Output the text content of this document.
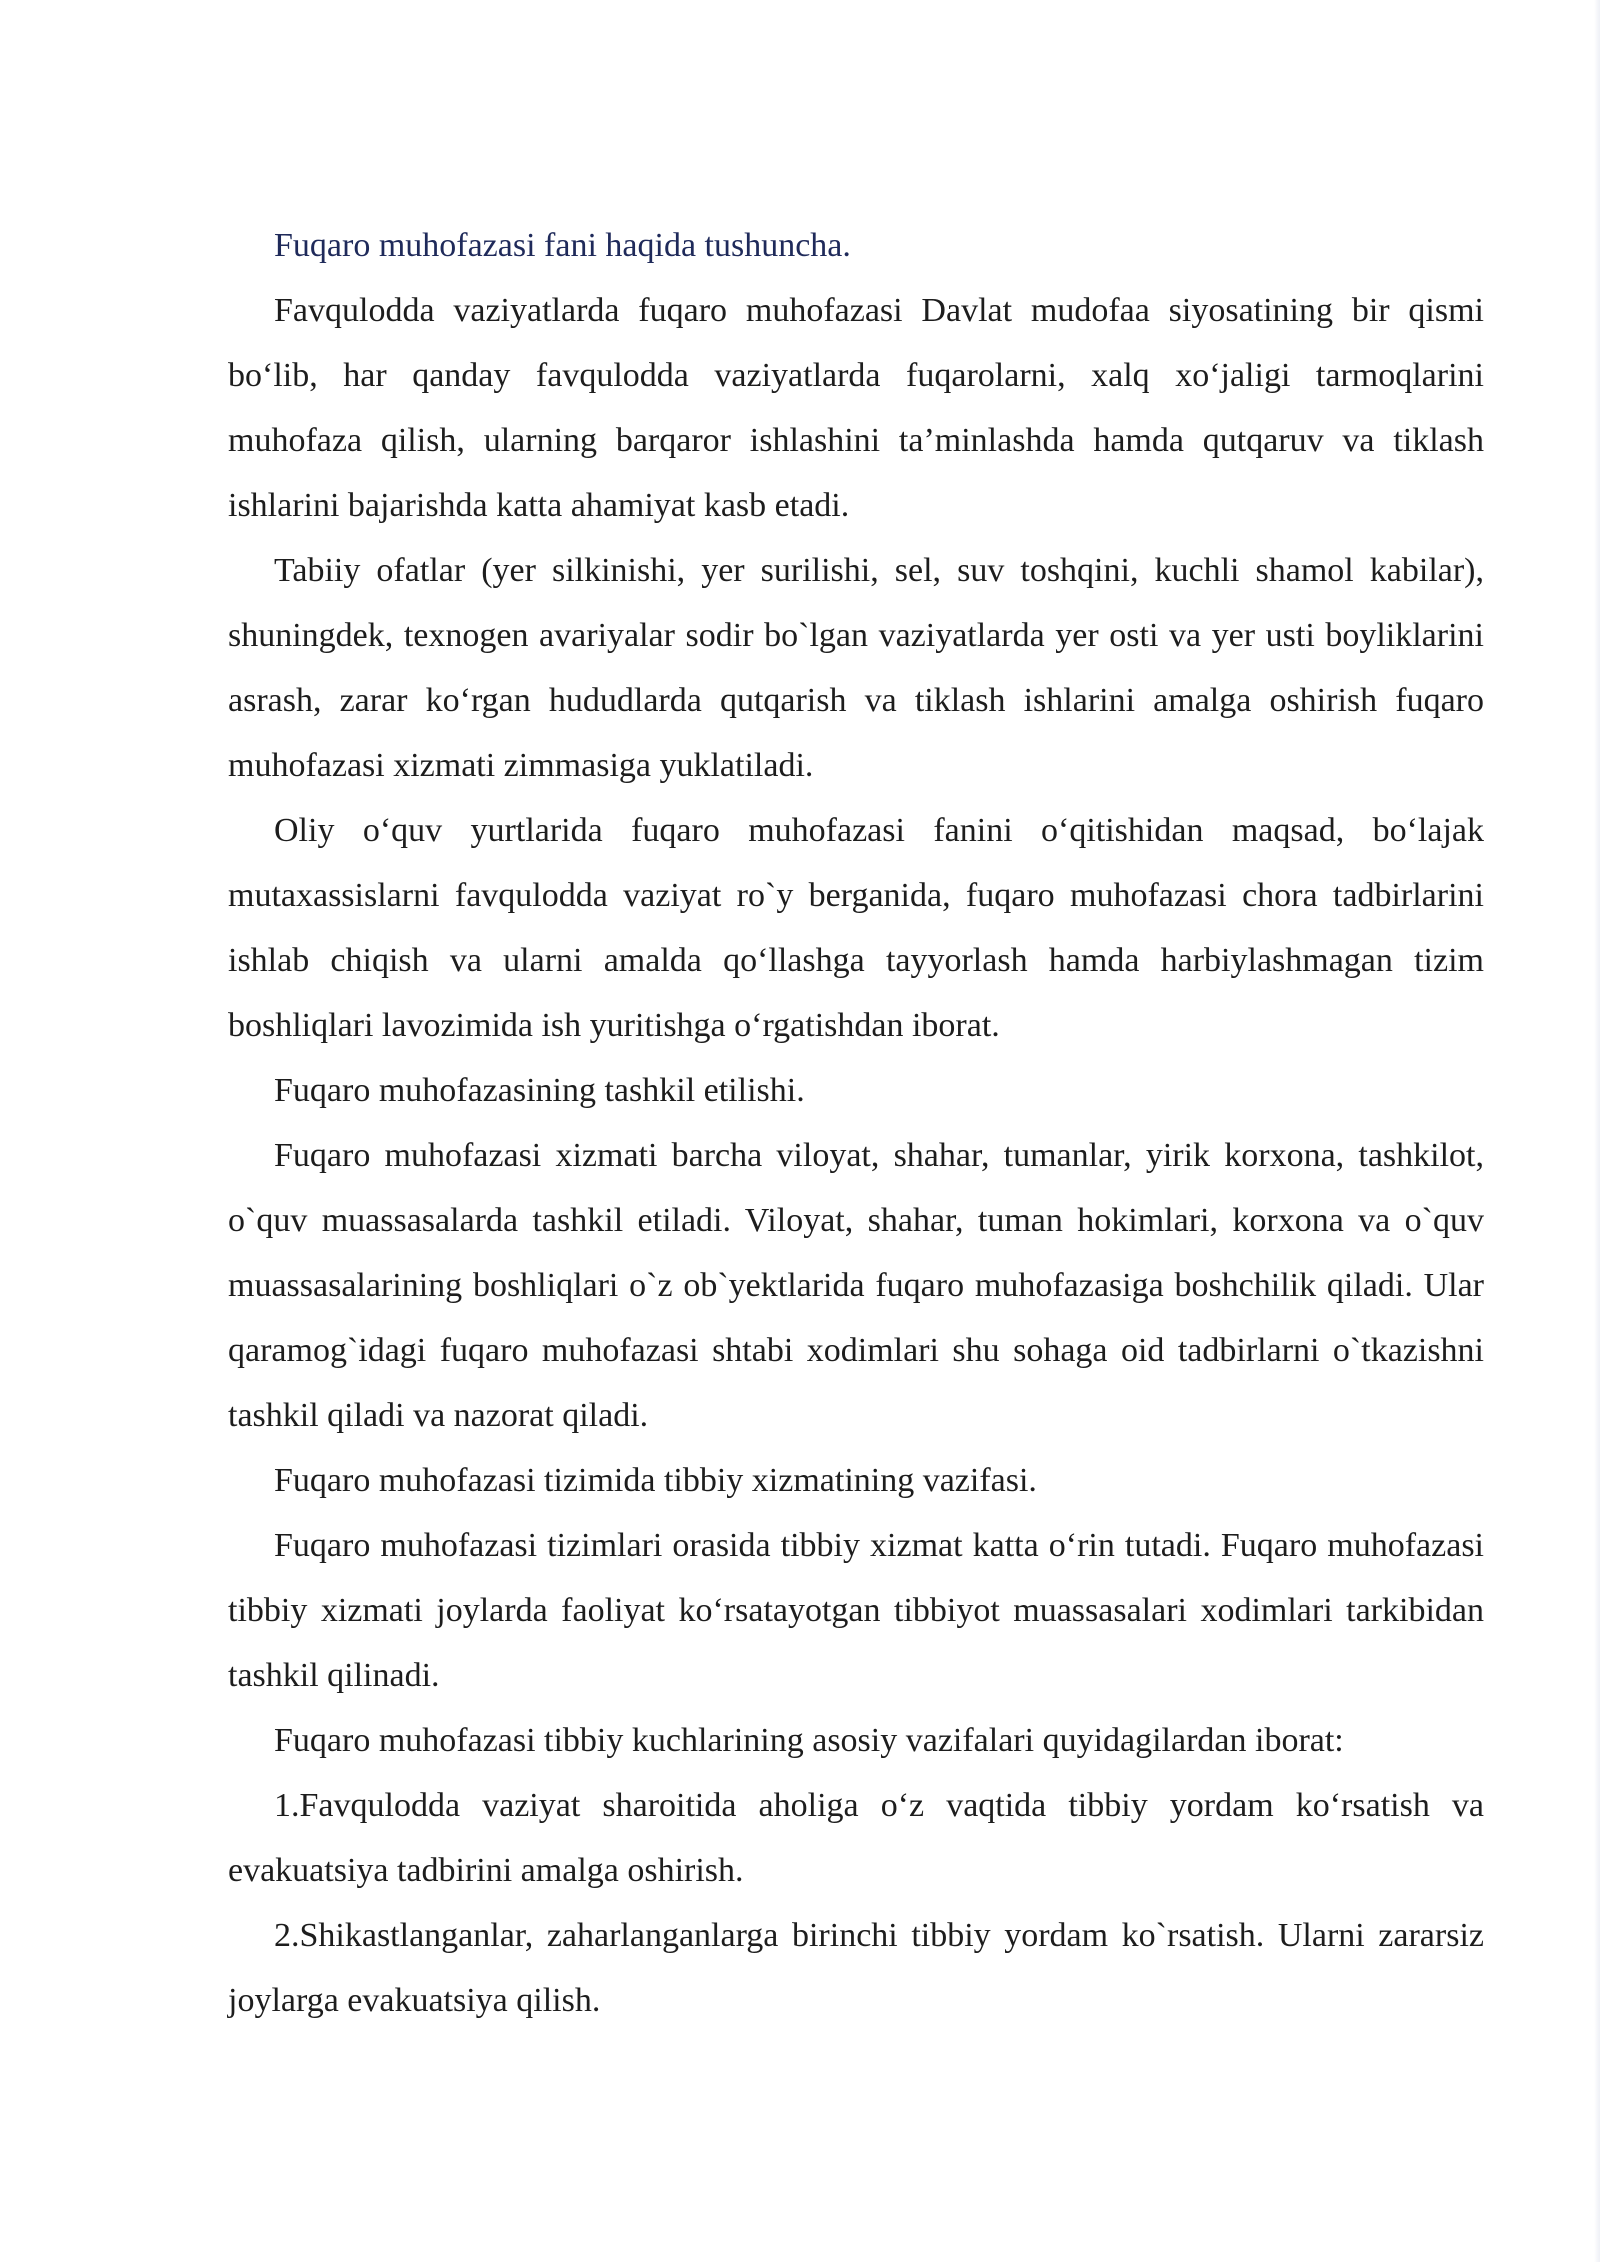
Fuqaro muhofazasi fani haqida tushuncha.

Favqulodda vaziyatlarda fuqaro muhofazasi Davlat mudofaa siyosatining bir qismi bo‘lib, har qanday favqulodda vaziyatlarda fuqarolarni, xalq xo‘jaligi tarmoqlarini muhofaza qilish, ularning barqaror ishlashini ta’minlashda hamda qutqaruv va tiklash ishlarini bajarishda katta ahamiyat kasb etadi.

Tabiiy ofatlar (yer silkinishi, yer surilishi, sel, suv toshqini, kuchli shamol kabilar), shuningdek, texnogen avariyalar sodir bo`lgan vaziyatlarda yer osti va yer usti boyliklarini asrash, zarar ko‘rgan hududlarda qutqarish va tiklash ishlarini amalga oshirish fuqaro muhofazasi xizmati zimmasiga yuklatiladi.

Oliy o‘quv yurtlarida fuqaro muhofazasi fanini o‘qitishidan maqsad, bo‘lajak mutaxassislarni favqulodda vaziyat ro`y berganida, fuqaro muhofazasi chora tadbirlarini ishlab chiqish va ularni amalda qo‘llashga tayyorlash hamda harbiylashmagan tizim boshliqlari lavozimida ish yuritishga o‘rgatishdan iborat.

Fuqaro muhofazasining tashkil etilishi.

Fuqaro muhofazasi xizmati barcha viloyat, shahar, tumanlar, yirik korxona, tashkilot, o`quv muassasalarda tashkil etiladi. Viloyat, shahar, tuman hokimlari, korxona va o`quv muassasalarining boshliqlari o`z ob`yektlarida fuqaro muhofazasiga boshchilik qiladi. Ular qaramog`idagi fuqaro muhofazasi shtabi xodimlari shu sohaga oid tadbirlarni o`tkazishni tashkil qiladi va nazorat qiladi.

Fuqaro muhofazasi tizimida tibbiy xizmatining vazifasi.

Fuqaro muhofazasi tizimlari orasida tibbiy xizmat katta o‘rin tutadi. Fuqaro muhofazasi tibbiy xizmati joylarda faoliyat ko‘rsatayotgan tibbiyot muassasalari xodimlari tarkibidan tashkil qilinadi.

Fuqaro muhofazasi tibbiy kuchlarining asosiy vazifalari quyidagilardan iborat:

1.Favqulodda vaziyat sharoitida aholiga o‘z vaqtida tibbiy yordam ko‘rsatish va evakuatsiya tadbirini amalga oshirish.

2.Shikastlanganlar, zaharlanganlarga birinchi tibbiy yordam ko`rsatish. Ularni zararsiz joylarga evakuatsiya qilish.
